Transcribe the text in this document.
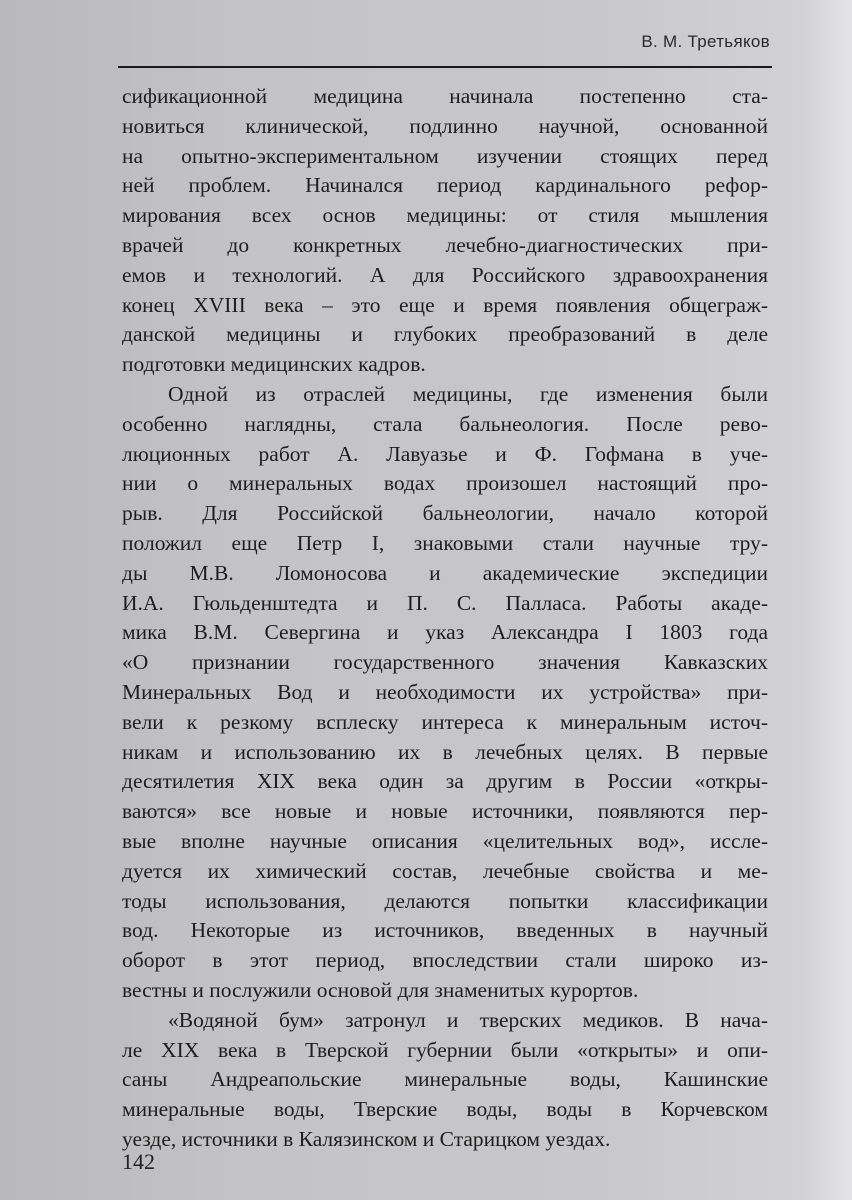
В. М. Третьяков
сификационной медицина начинала постепенно ста-
новиться клинической, подлинно научной, основанной
на опытно-экспериментальном изучении стоящих перед
ней проблем. Начинался период кардинального рефор-
мирования всех основ медицины: от стиля мышления
врачей до конкретных лечебно-диагностических при-
емов и технологий. А для Российского здравоохранения
конец XVIII века – это еще и время появления общеграж-
данской медицины и глубоких преобразований в деле
подготовки медицинских кадров.
Одной из отраслей медицины, где изменения были
особенно наглядны, стала бальнеология. После рево-
люционных работ А. Лавуазье и Ф. Гофмана в уче-
нии о минеральных водах произошел настоящий про-
рыв. Для Российской бальнеологии, начало которой
положил еще Петр I, знаковыми стали научные тру-
ды М.В. Ломоносова и академические экспедиции
И.А. Гюльденштедта и П. С. Палласа. Работы акаде-
мика В.М. Севергина и указ Александра I 1803 года
«О признании государственного значения Кавказских
Минеральных Вод и необходимости их устройства» при-
вели к резкому всплеску интереса к минеральным источ-
никам и использованию их в лечебных целях. В первые
десятилетия XIX века один за другим в России «откры-
ваются» все новые и новые источники, появляются пер-
вые вполне научные описания «целительных вод», иссле-
дуется их химический состав, лечебные свойства и ме-
тоды использования, делаются попытки классификации
вод. Некоторые из источников, введенных в научный
оборот в этот период, впоследствии стали широко из-
вестны и послужили основой для знаменитых курортов.
«Водяной бум» затронул и тверских медиков. В нача-
ле XIX века в Тверской губернии были «открыты» и опи-
саны Андреапольские минеральные воды, Кашинские
минеральные воды, Тверские воды, воды в Корчевском
уезде, источники в Калязинском и Старицком уездах.
142
